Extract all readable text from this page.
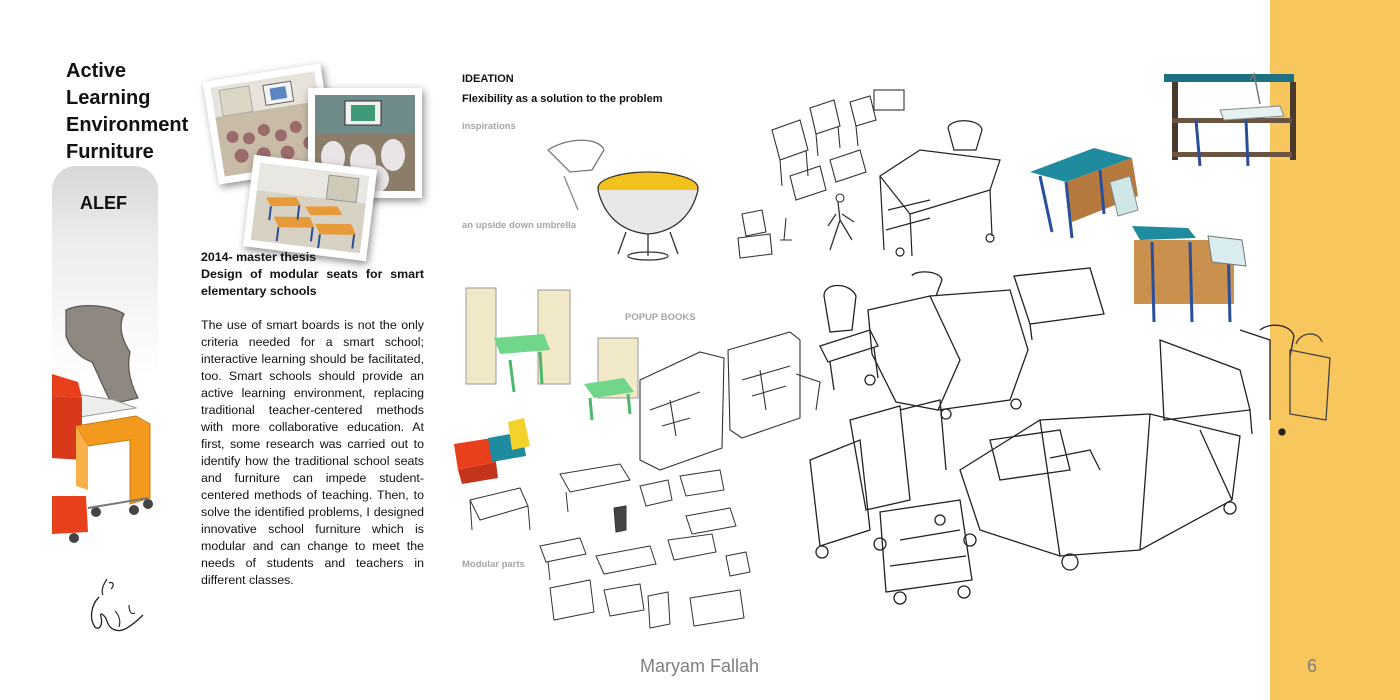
Active
Learning
Environment
Furniture
ALEF
2014- master thesis
Design of modular seats for smart elementary schools
The use of smart boards is not the only criteria needed for a smart school; interactive learning should be facilitated, too. Smart schools should provide an active learning environment, replacing traditional teacher-centered methods with more collaborative education. At first, some research was carried out to identify how the traditional school seats and furniture can impede student-centered methods of teaching. Then, to solve the identified problems, I designed innovative school furniture which is modular and can change to meet the needs of students and teachers in different classes.
IDEATION
Flexibility as a solution to the problem
inspirations
an upside down umbrella
POPUP BOOKS
Modular parts
Maryam Fallah	6
